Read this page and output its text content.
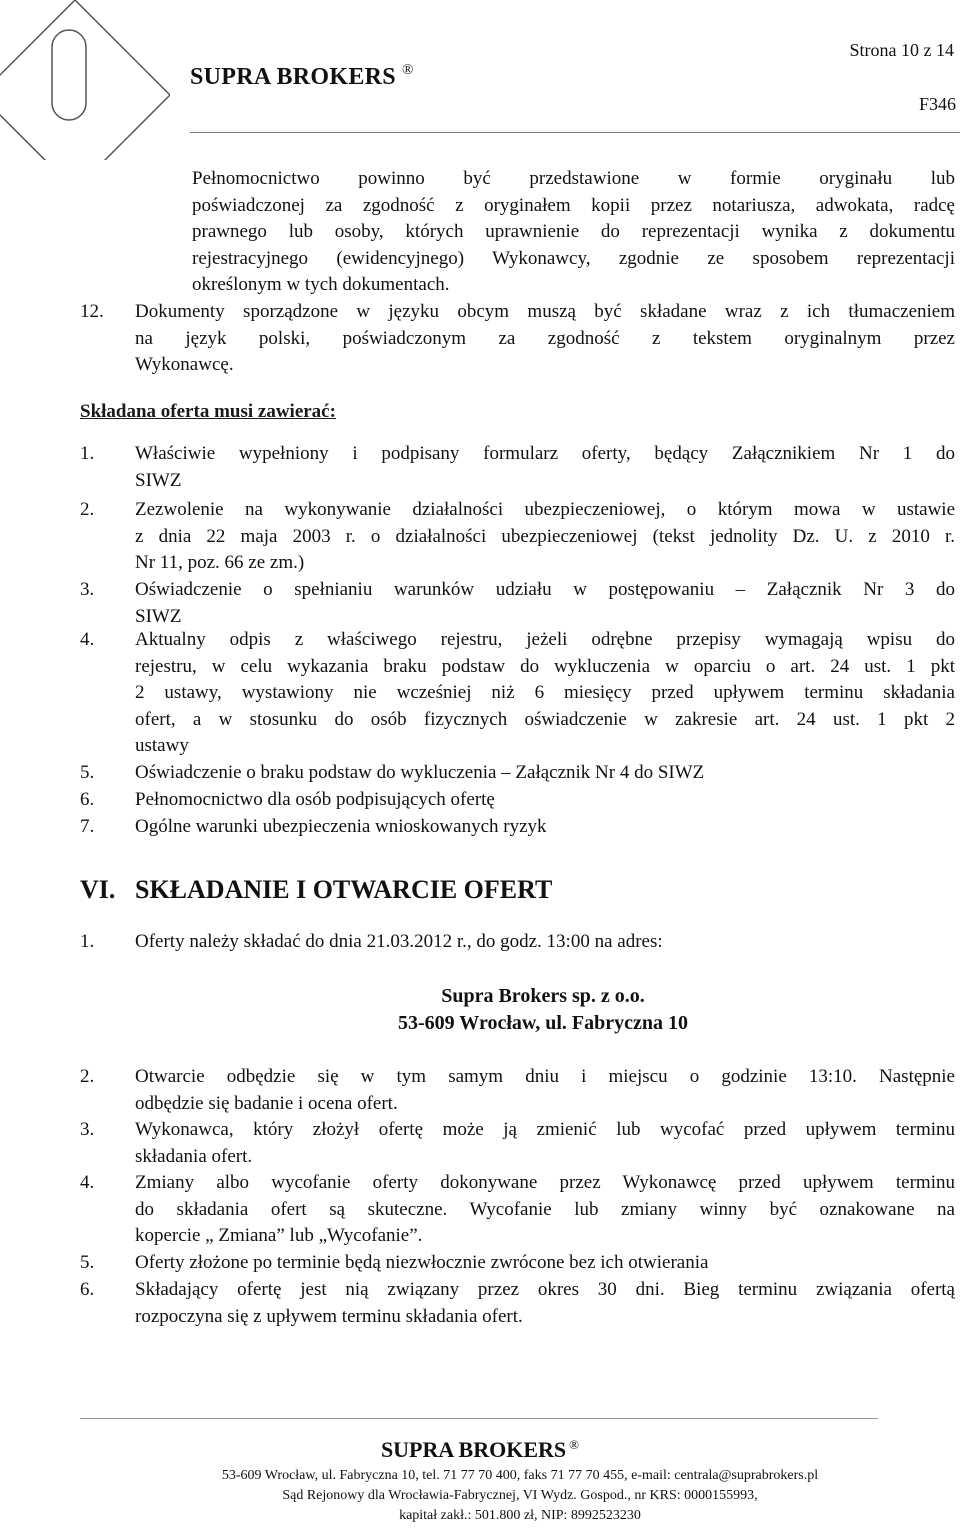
SUPRA BROKERS ®
Strona 10 z 14
F346
Pełnomocnictwo powinno być przedstawione w formie oryginału lub
poświadczonej za zgodność z oryginałem kopii przez notariusza, adwokata, radcę
prawnego lub osoby, których uprawnienie do reprezentacji wynika z dokumentu
rejestracyjnego (ewidencyjnego) Wykonawcy, zgodnie ze sposobem reprezentacji
określonym w tych dokumentach.
12. Dokumenty sporządzone w języku obcym muszą być składane wraz z ich tłumaczeniem
na język polski, poświadczonym za zgodność z tekstem oryginalnym przez
Wykonawcę.
Składana oferta musi zawierać:
1. Właściwie wypełniony i podpisany formularz oferty, będący Załącznikiem Nr 1 do
SIWZ
2. Zezwolenie na wykonywanie działalności ubezpieczeniowej, o którym mowa w ustawie
z dnia 22 maja 2003 r. o działalności ubezpieczeniowej (tekst jednolity Dz. U. z 2010 r.
Nr 11, poz. 66 ze zm.)
3. Oświadczenie o spełnianiu warunków udziału w postępowaniu – Załącznik Nr 3 do
SIWZ
4. Aktualny odpis z właściwego rejestru, jeżeli odrębne przepisy wymagają wpisu do
rejestru, w celu wykazania braku podstaw do wykluczenia w oparciu o art. 24 ust. 1 pkt
2 ustawy, wystawiony nie wcześniej niż 6 miesięcy przed upływem terminu składania
ofert, a w stosunku do osób fizycznych oświadczenie w zakresie art. 24 ust. 1 pkt 2
ustawy
5. Oświadczenie o braku podstaw do wykluczenia – Załącznik Nr 4 do SIWZ
6. Pełnomocnictwo dla osób podpisujących ofertę
7. Ogólne warunki ubezpieczenia wnioskowanych ryzyk
VI. SKŁADANIE I OTWARCIE OFERT
1. Oferty należy składać do dnia 21.03.2012 r., do godz. 13:00 na adres:
Supra Brokers sp. z o.o.
53-609 Wrocław, ul. Fabryczna 10
2. Otwarcie odbędzie się w tym samym dniu i miejscu o godzinie 13:10. Następnie
odbędzie się badanie i ocena ofert.
3. Wykonawca, który złożył ofertę może ją zmienić lub wycofać przed upływem terminu
składania ofert.
4. Zmiany albo wycofanie oferty dokonywane przez Wykonawcę przed upływem terminu
do składania ofert są skuteczne. Wycofanie lub zmiany winny być oznakowane na
kopercie „ Zmiana” lub „Wycofanie”.
5. Oferty złożone po terminie będą niezwłocznie zwrócone bez ich otwierania
6. Składający ofertę jest nią związany przez okres 30 dni. Bieg terminu związania ofertą
rozpoczyna się z upływem terminu składania ofert.
SUPRA BROKERS ®
53-609 Wrocław, ul. Fabryczna 10, tel. 71 77 70 400, faks 71 77 70 455, e-mail: centrala@suprabrokers.pl
Sąd Rejonowy dla Wrocławia-Fabrycznej, VI Wydz. Gospod., nr KRS: 0000155993,
kapitał zakł.: 501.800 zł, NIP: 8992523230
